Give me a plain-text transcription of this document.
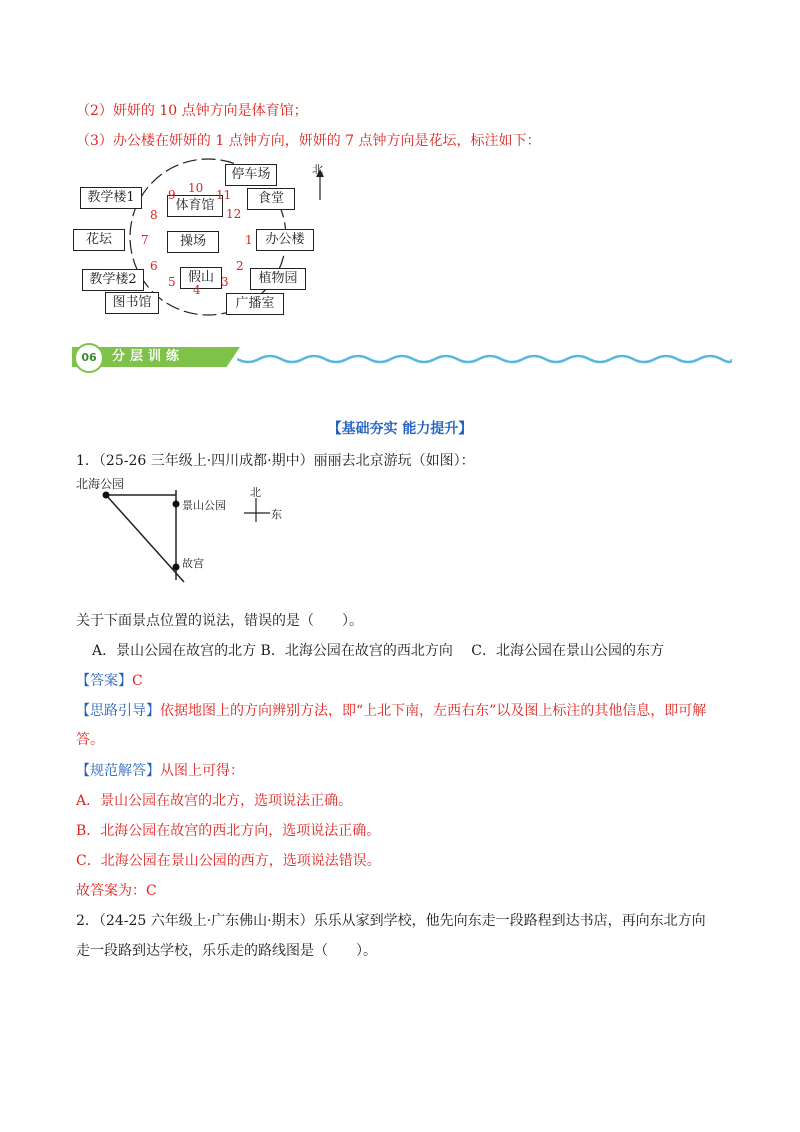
（2）妍妍的 10 点钟方向是体育馆；
（3）办公楼在妍妍的 1 点钟方向，妍妍的 7 点钟方向是花坛，标注如下：
北
停车场
食堂
教学楼1
体育馆
花坛	操场	办公楼
假山	植物园
教学楼2
图书馆	广播室
1
2
3
4
5
6
7
8
9 10 11
12
分层训练
06
【基础夯实 能力提升】
1．（25-26 三年级上·四川成都·期中）丽丽去北京游玩（如图）：
北海公园
景山公园
故宫
北
东
关于下面景点位置的说法，错误的是（　　）。
A．景山公园在故宫的北方 B．北海公园在故宫的西北方向　 C．北海公园在景山公园的东方
【答案】C
【思路引导】依据地图上的方向辨别方法，即“上北下南，左西右东”以及图上标注的其他信息，即可解
答。
【规范解答】从图上可得：
A．景山公园在故宫的北方，选项说法正确。
B．北海公园在故宫的西北方向，选项说法正确。
C．北海公园在景山公园的西方，选项说法错误。
故答案为：C
2．（24-25 六年级上·广东佛山·期末）乐乐从家到学校，他先向东走一段路程到达书店，再向东北方向
走一段路到达学校，乐乐走的路线图是（　　）。
